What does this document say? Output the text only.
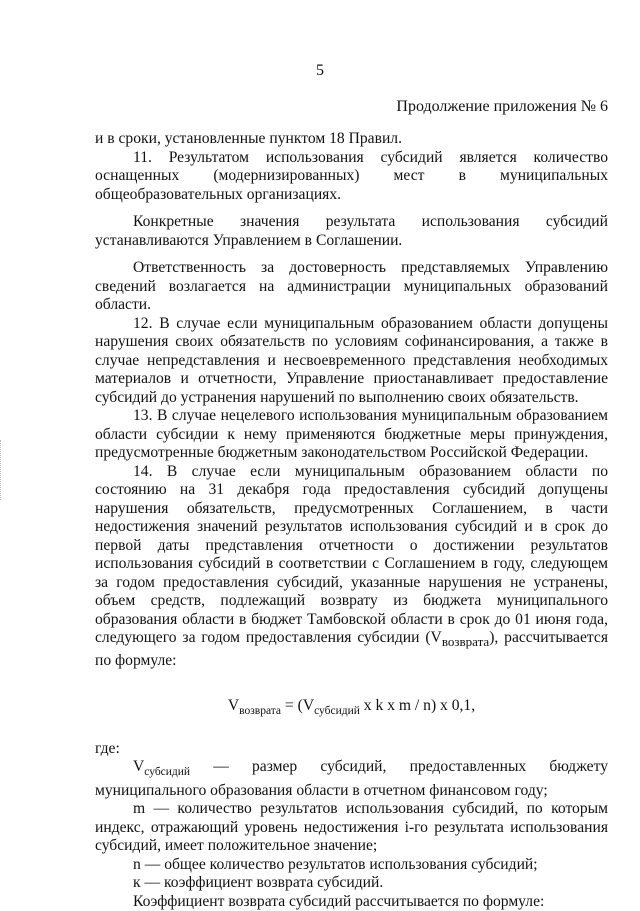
5
Продолжение приложения № 6

и в сроки, установленные пунктом 18 Правил.

11. Результатом использования субсидий является количество оснащенных (модернизированных) мест в муниципальных общеобразовательных организациях.

Конкретные значения результата использования субсидий устанавливаются Управлением в Соглашении.

Ответственность за достоверность представляемых Управлению сведений возлагается на администрации муниципальных образований области.

12. В случае если муниципальным образованием области допущены нарушения своих обязательств по условиям софинансирования, а также в случае непредставления и несвоевременного представления необходимых материалов и отчетности, Управление приостанавливает предоставление субсидий до устранения нарушений по выполнению своих обязательств.

13. В случае нецелевого использования муниципальным образованием области субсидии к нему применяются бюджетные меры принуждения, предусмотренные бюджетным законодательством Российской Федерации.

14. В случае если муниципальным образованием области по состоянию на 31 декабря года предоставления субсидий допущены нарушения обязательств, предусмотренных Соглашением, в части недостижения значений результатов использования субсидий и в срок до первой даты представления отчетности о достижении результатов использования субсидий в соответствии с Соглашением в году, следующем за годом предоставления субсидий, указанные нарушения не устранены, объем средств, подлежащий возврату из бюджета муниципального образования области в бюджет Тамбовской области в срок до 01 июня года, следующего за годом предоставления субсидии $(V_{возврата})$, рассчитывается по формуле:

$V_{возврата} = (V_{субсидий}$ x k x m / n) x 0,1,

где:

$V_{субсидий}$ — размер субсидий, предоставленных бюджету муниципального образования области в отчетном финансовом году;

m — количество результатов использования субсидий, по которым индекс, отражающий уровень недостижения i-го результата использования субсидий, имеет положительное значение;

n — общее количество результатов использования субсидий;

к — коэффициент возврата субсидий.

Коэффициент возврата субсидий рассчитывается по формуле:
